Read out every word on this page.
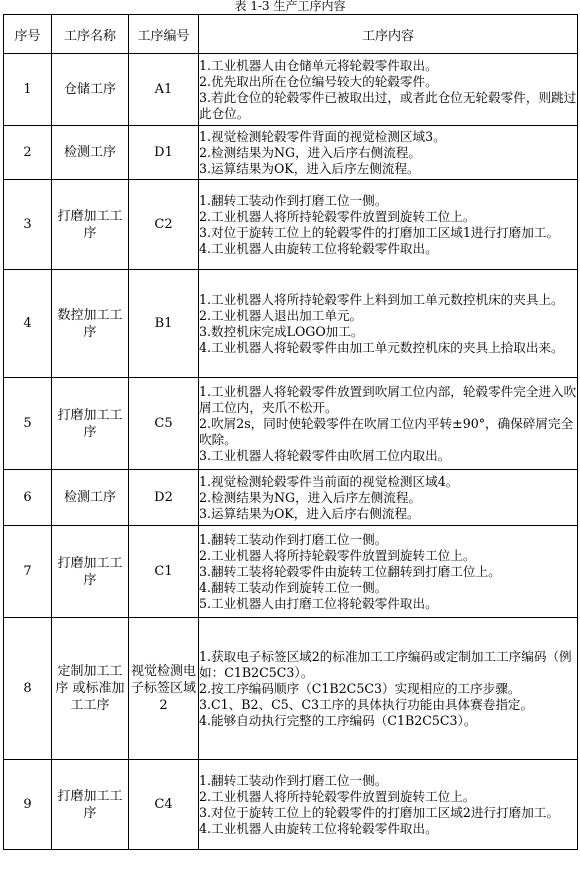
表 1-3 生产工序内容
序号	工序名称	工序编号	工序内容
1	仓储工序	A1	1.工业机器人由仓储单元将轮毂零件取出。
2.优先取出所在仓位编号较大的轮毂零件。
3.若此仓位的轮毂零件已被取出过，或者此仓位无轮毂零件，则跳过此仓位。

2	检测工序	D1	1.视觉检测轮毂零件背面的视觉检测区域3。
2.检测结果为NG，进入后序右侧流程。
3.运算结果为OK，进入后序左侧流程。

3	打磨加工工序	C2	1.翻转工装动作到打磨工位一侧。
2.工业机器人将所持轮毂零件放置到旋转工位上。
3.对位于旋转工位上的轮毂零件的打磨加工区域1进行打磨加工。
4.工业机器人由旋转工位将轮毂零件取出。

4	数控加工工序	B1	1.工业机器人将所持轮毂零件上料到加工单元数控机床的夹具上。
2.工业机器人退出加工单元。
3.数控机床完成LOGO加工。
4.工业机器人将轮毂零件由加工单元数控机床的夹具上拾取出来。

5	打磨加工工序	C5	1.工业机器人将轮毂零件放置到吹屑工位内部，轮毂零件完全进入吹屑工位内，夹爪不松开。
2.吹屑2s，同时使轮毂零件在吹屑工位内平转±90°，确保碎屑完全吹除。
3.工业机器人将轮毂零件由吹屑工位内取出。

6	检测工序	D2	1.视觉检测轮毂零件当前面的视觉检测区域4。
2.检测结果为NG，进入后序左侧流程。
3.运算结果为OK，进入后序右侧流程。

7	打磨加工工序	C1	1.翻转工装动作到打磨工位一侧。
2.工业机器人将所持轮毂零件放置到旋转工位上。
3.翻转工装将轮毂零件由旋转工位翻转到打磨工位上。
4.翻转工装动作到旋转工位一侧。
5.工业机器人由打磨工位将轮毂零件取出。

8	定制加工工序 或标准加工工序	视觉检测电子标签区域2	1.获取电子标签区域2的标准加工工序编码或定制加工工序编码（例如：C1B2C5C3）。
2.按工序编码顺序（C1B2C5C3）实现相应的工序步骤。
3.C1、B2、C5、C3工序的具体执行功能由具体赛卷指定。
4.能够自动执行完整的工序编码（C1B2C5C3）。

9	打磨加工工序	C4	1.翻转工装动作到打磨工位一侧。
2.工业机器人将所持轮毂零件放置到旋转工位上。
3.对位于旋转工位上的轮毂零件的打磨加工区域2进行打磨加工。
4.工业机器人由旋转工位将轮毂零件取出。
